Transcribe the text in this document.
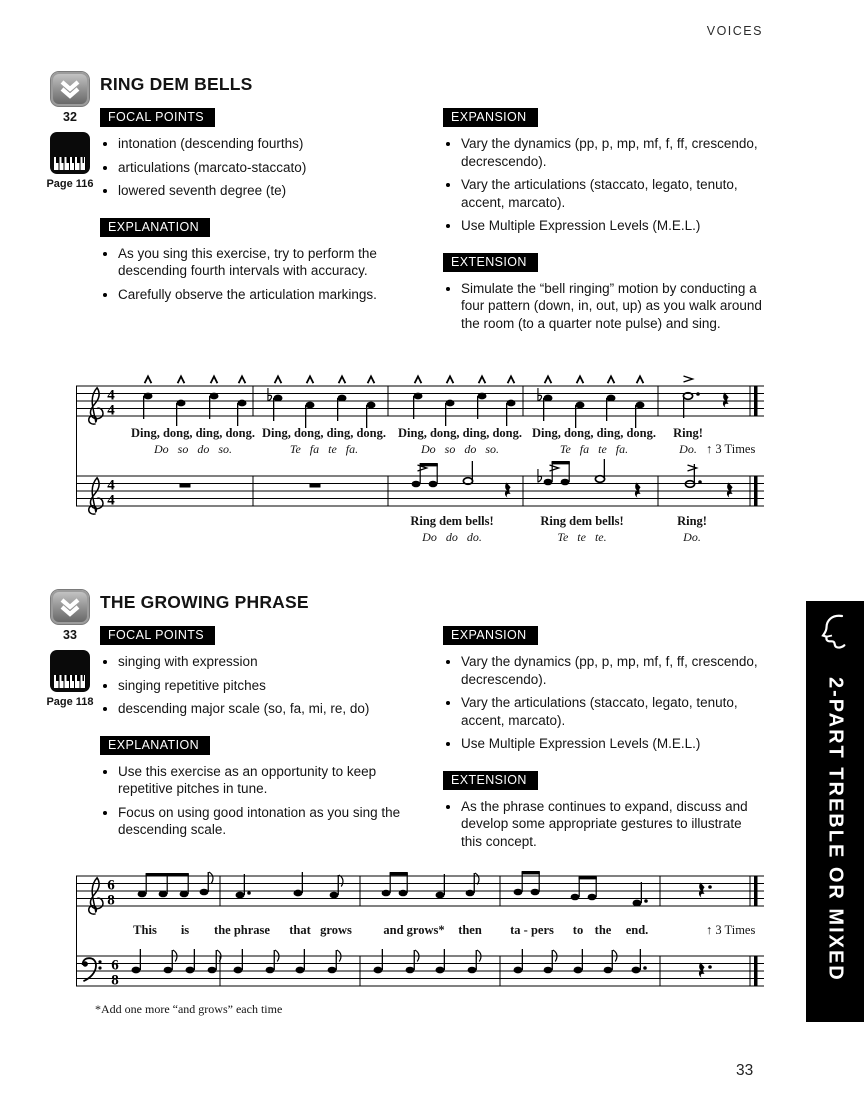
VOICES
32
Page 116
RING DEM BELLS
FOCAL POINTS
• intonation (descending fourths)
• articulations (marcato-staccato)
• lowered seventh degree (te)
EXPLANATION
• As you sing this exercise, try to perform the descending fourth intervals with accuracy.
• Carefully observe the articulation markings.
EXPANSION
• Vary the dynamics (pp, p, mp, mf, f, ff, crescendo, decrescendo).
• Vary the articulations (staccato, legato, tenuto, accent, marcato).
• Use Multiple Expression Levels (M.E.L.)
EXTENSION
• Simulate the “bell ringing” motion by conducting a four pattern (down, in, out, up) as you walk around the room (to a quarter note pulse) and sing.
4
4
4
4
Ding, dong, ding, dong.
Do so do so.
Ding, dong, ding, dong.
Te fa te fa.
Ding, dong, ding, dong.
Do so do so.
Ding, dong, ding, dong.
Te fa te fa.
Ring!
Do. ↑ 3 Times
Ring dem bells!
Do do do.
Ring dem bells!
Te te te.
Ring!
Do.
33
Page 118
THE GROWING PHRASE
FOCAL POINTS
• singing with expression
• singing repetitive pitches
• descending major scale (so, fa, mi, re, do)
EXPLANATION
• Use this exercise as an opportunity to keep repetitive pitches in tune.
• Focus on using good intonation as you sing the descending scale.
EXPANSION
• Vary the dynamics (pp, p, mp, mf, f, ff, crescendo, decrescendo).
• Vary the articulations (staccato, legato, tenuto, accent, marcato).
• Use Multiple Expression Levels (M.E.L.)
EXTENSION
• As the phrase continues to expand, discuss and develop some appropriate gestures to illustrate this concept.
6
8
6
8
This is the phrase that grows	and grows* then ta - pers to the end.	↑ 3 Times
*Add one more “and grows” each time
2-PART TREBLE OR MIXED
33
